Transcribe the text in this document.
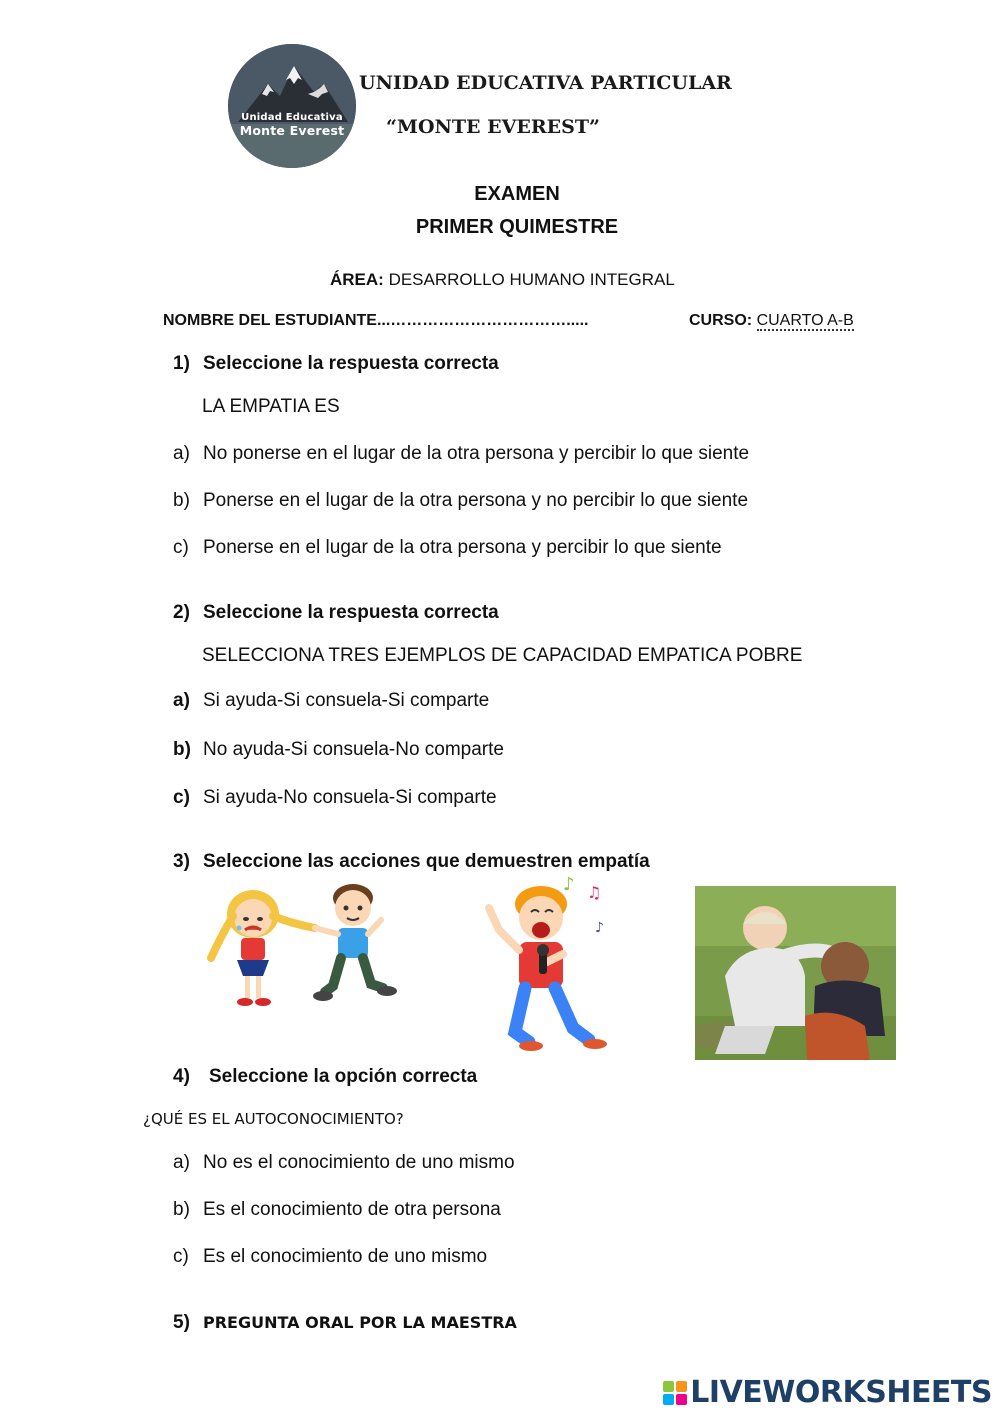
Unidad Educativa
Monte Everest
UNIDAD EDUCATIVA PARTICULAR
“MONTE EVEREST”
EXAMEN
PRIMER QUIMESTRE
ÁREA: DESARROLLO HUMANO INTEGRAL
NOMBRE DEL ESTUDIANTE...…………………………….....	CURSO: CUARTO A-B
1) Seleccione la respuesta correcta
LA EMPATIA ES
a) No ponerse en el lugar de la otra persona y percibir lo que siente
b) Ponerse en el lugar de la otra persona y no percibir lo que siente
c) Ponerse en el lugar de la otra persona y percibir lo que siente
2) Seleccione la respuesta correcta
SELECCIONA TRES EJEMPLOS DE CAPACIDAD EMPATICA POBRE
a) Si ayuda-Si consuela-Si comparte
b) No ayuda-Si consuela-No comparte
c) Si ayuda-No consuela-Si comparte
3) Seleccione las acciones que demuestren empatía
♪ ♫
♪
4) Seleccione la opción correcta
¿QUÉ ES EL AUTOCONOCIMIENTO?
a) No es el conocimiento de uno mismo
b) Es el conocimiento de otra persona
c) Es el conocimiento de uno mismo
5) PREGUNTA ORAL POR LA MAESTRA
LIVEWORKSHEETS
